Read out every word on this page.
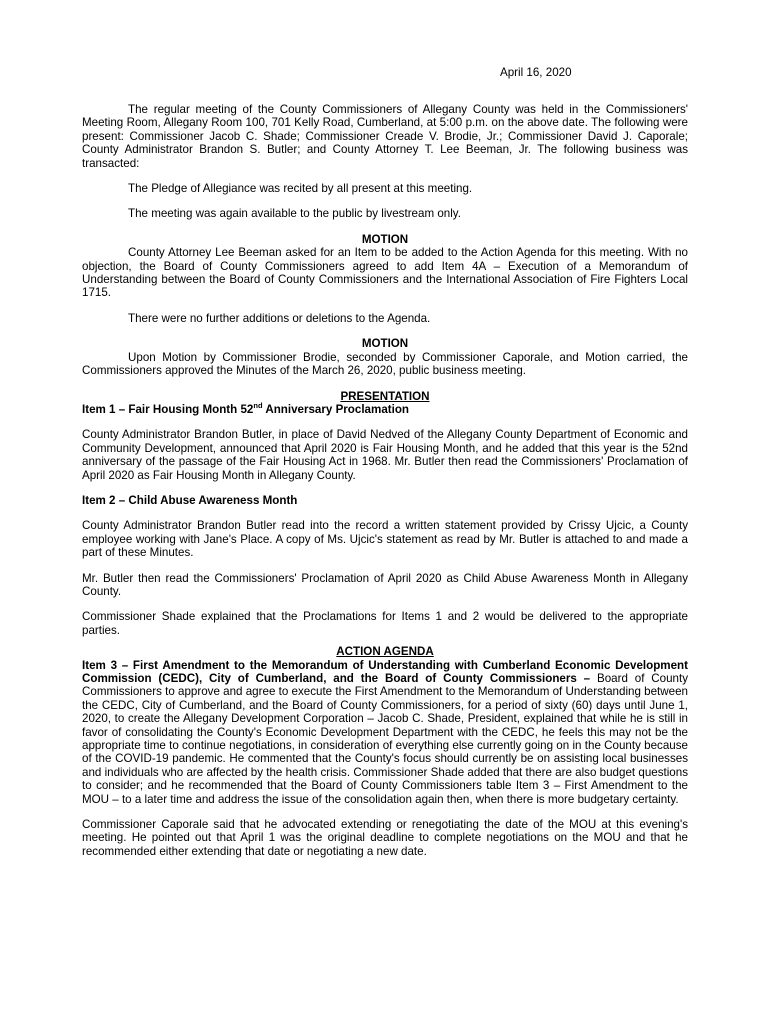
April 16, 2020

The regular meeting of the County Commissioners of Allegany County was held in the Commissioners' Meeting Room, Allegany Room 100, 701 Kelly Road, Cumberland, at 5:00 p.m. on the above date. The following were present: Commissioner Jacob C. Shade; Commissioner Creade V. Brodie, Jr.; Commissioner David J. Caporale; County Administrator Brandon S. Butler; and County Attorney T. Lee Beeman, Jr. The following business was transacted:

The Pledge of Allegiance was recited by all present at this meeting.

The meeting was again available to the public by livestream only.

MOTION

County Attorney Lee Beeman asked for an Item to be added to the Action Agenda for this meeting. With no objection, the Board of County Commissioners agreed to add Item 4A – Execution of a Memorandum of Understanding between the Board of County Commissioners and the International Association of Fire Fighters Local 1715.

There were no further additions or deletions to the Agenda.

MOTION

Upon Motion by Commissioner Brodie, seconded by Commissioner Caporale, and Motion carried, the Commissioners approved the Minutes of the March 26, 2020, public business meeting.

PRESENTATION

Item 1 – Fair Housing Month 52nd Anniversary Proclamation

County Administrator Brandon Butler, in place of David Nedved of the Allegany County Department of Economic and Community Development, announced that April 2020 is Fair Housing Month, and he added that this year is the 52nd anniversary of the passage of the Fair Housing Act in 1968. Mr. Butler then read the Commissioners' Proclamation of April 2020 as Fair Housing Month in Allegany County.

Item 2 – Child Abuse Awareness Month

County Administrator Brandon Butler read into the record a written statement provided by Crissy Ujcic, a County employee working with Jane's Place. A copy of Ms. Ujcic's statement as read by Mr. Butler is attached to and made a part of these Minutes.

Mr. Butler then read the Commissioners' Proclamation of April 2020 as Child Abuse Awareness Month in Allegany County.

Commissioner Shade explained that the Proclamations for Items 1 and 2 would be delivered to the appropriate parties.

ACTION AGENDA

Item 3 – First Amendment to the Memorandum of Understanding with Cumberland Economic Development Commission (CEDC), City of Cumberland, and the Board of County Commissioners – Board of County Commissioners to approve and agree to execute the First Amendment to the Memorandum of Understanding between the CEDC, City of Cumberland, and the Board of County Commissioners, for a period of sixty (60) days until June 1, 2020, to create the Allegany Development Corporation – Jacob C. Shade, President, explained that while he is still in favor of consolidating the County's Economic Development Department with the CEDC, he feels this may not be the appropriate time to continue negotiations, in consideration of everything else currently going on in the County because of the COVID-19 pandemic. He commented that the County's focus should currently be on assisting local businesses and individuals who are affected by the health crisis. Commissioner Shade added that there are also budget questions to consider; and he recommended that the Board of County Commissioners table Item 3 – First Amendment to the MOU – to a later time and address the issue of the consolidation again then, when there is more budgetary certainty.

Commissioner Caporale said that he advocated extending or renegotiating the date of the MOU at this evening's meeting. He pointed out that April 1 was the original deadline to complete negotiations on the MOU and that he recommended either extending that date or negotiating a new date.
